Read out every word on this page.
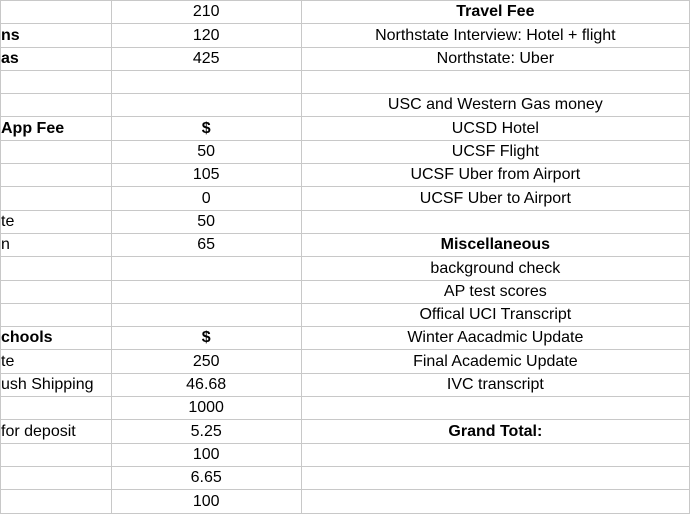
	210	Travel Fee
ns	120	Northstate Interview: Hotel + flight
as	425	Northstate: Uber

		USC and Western Gas money
App Fee	$	UCSD Hotel
	50	UCSF Flight
	105	UCSF Uber from Airport
	0	UCSF Uber to Airport
te	50	
n	65	Miscellaneous
		background check
		AP test scores
		Offical UCI Transcript
chools	$	Winter Aacadmic Update
te	250	Final Academic Update
ush Shipping	46.68	IVC transcript
	1000	
for deposit	5.25	Grand Total:
	100	
	6.65	
	100	
